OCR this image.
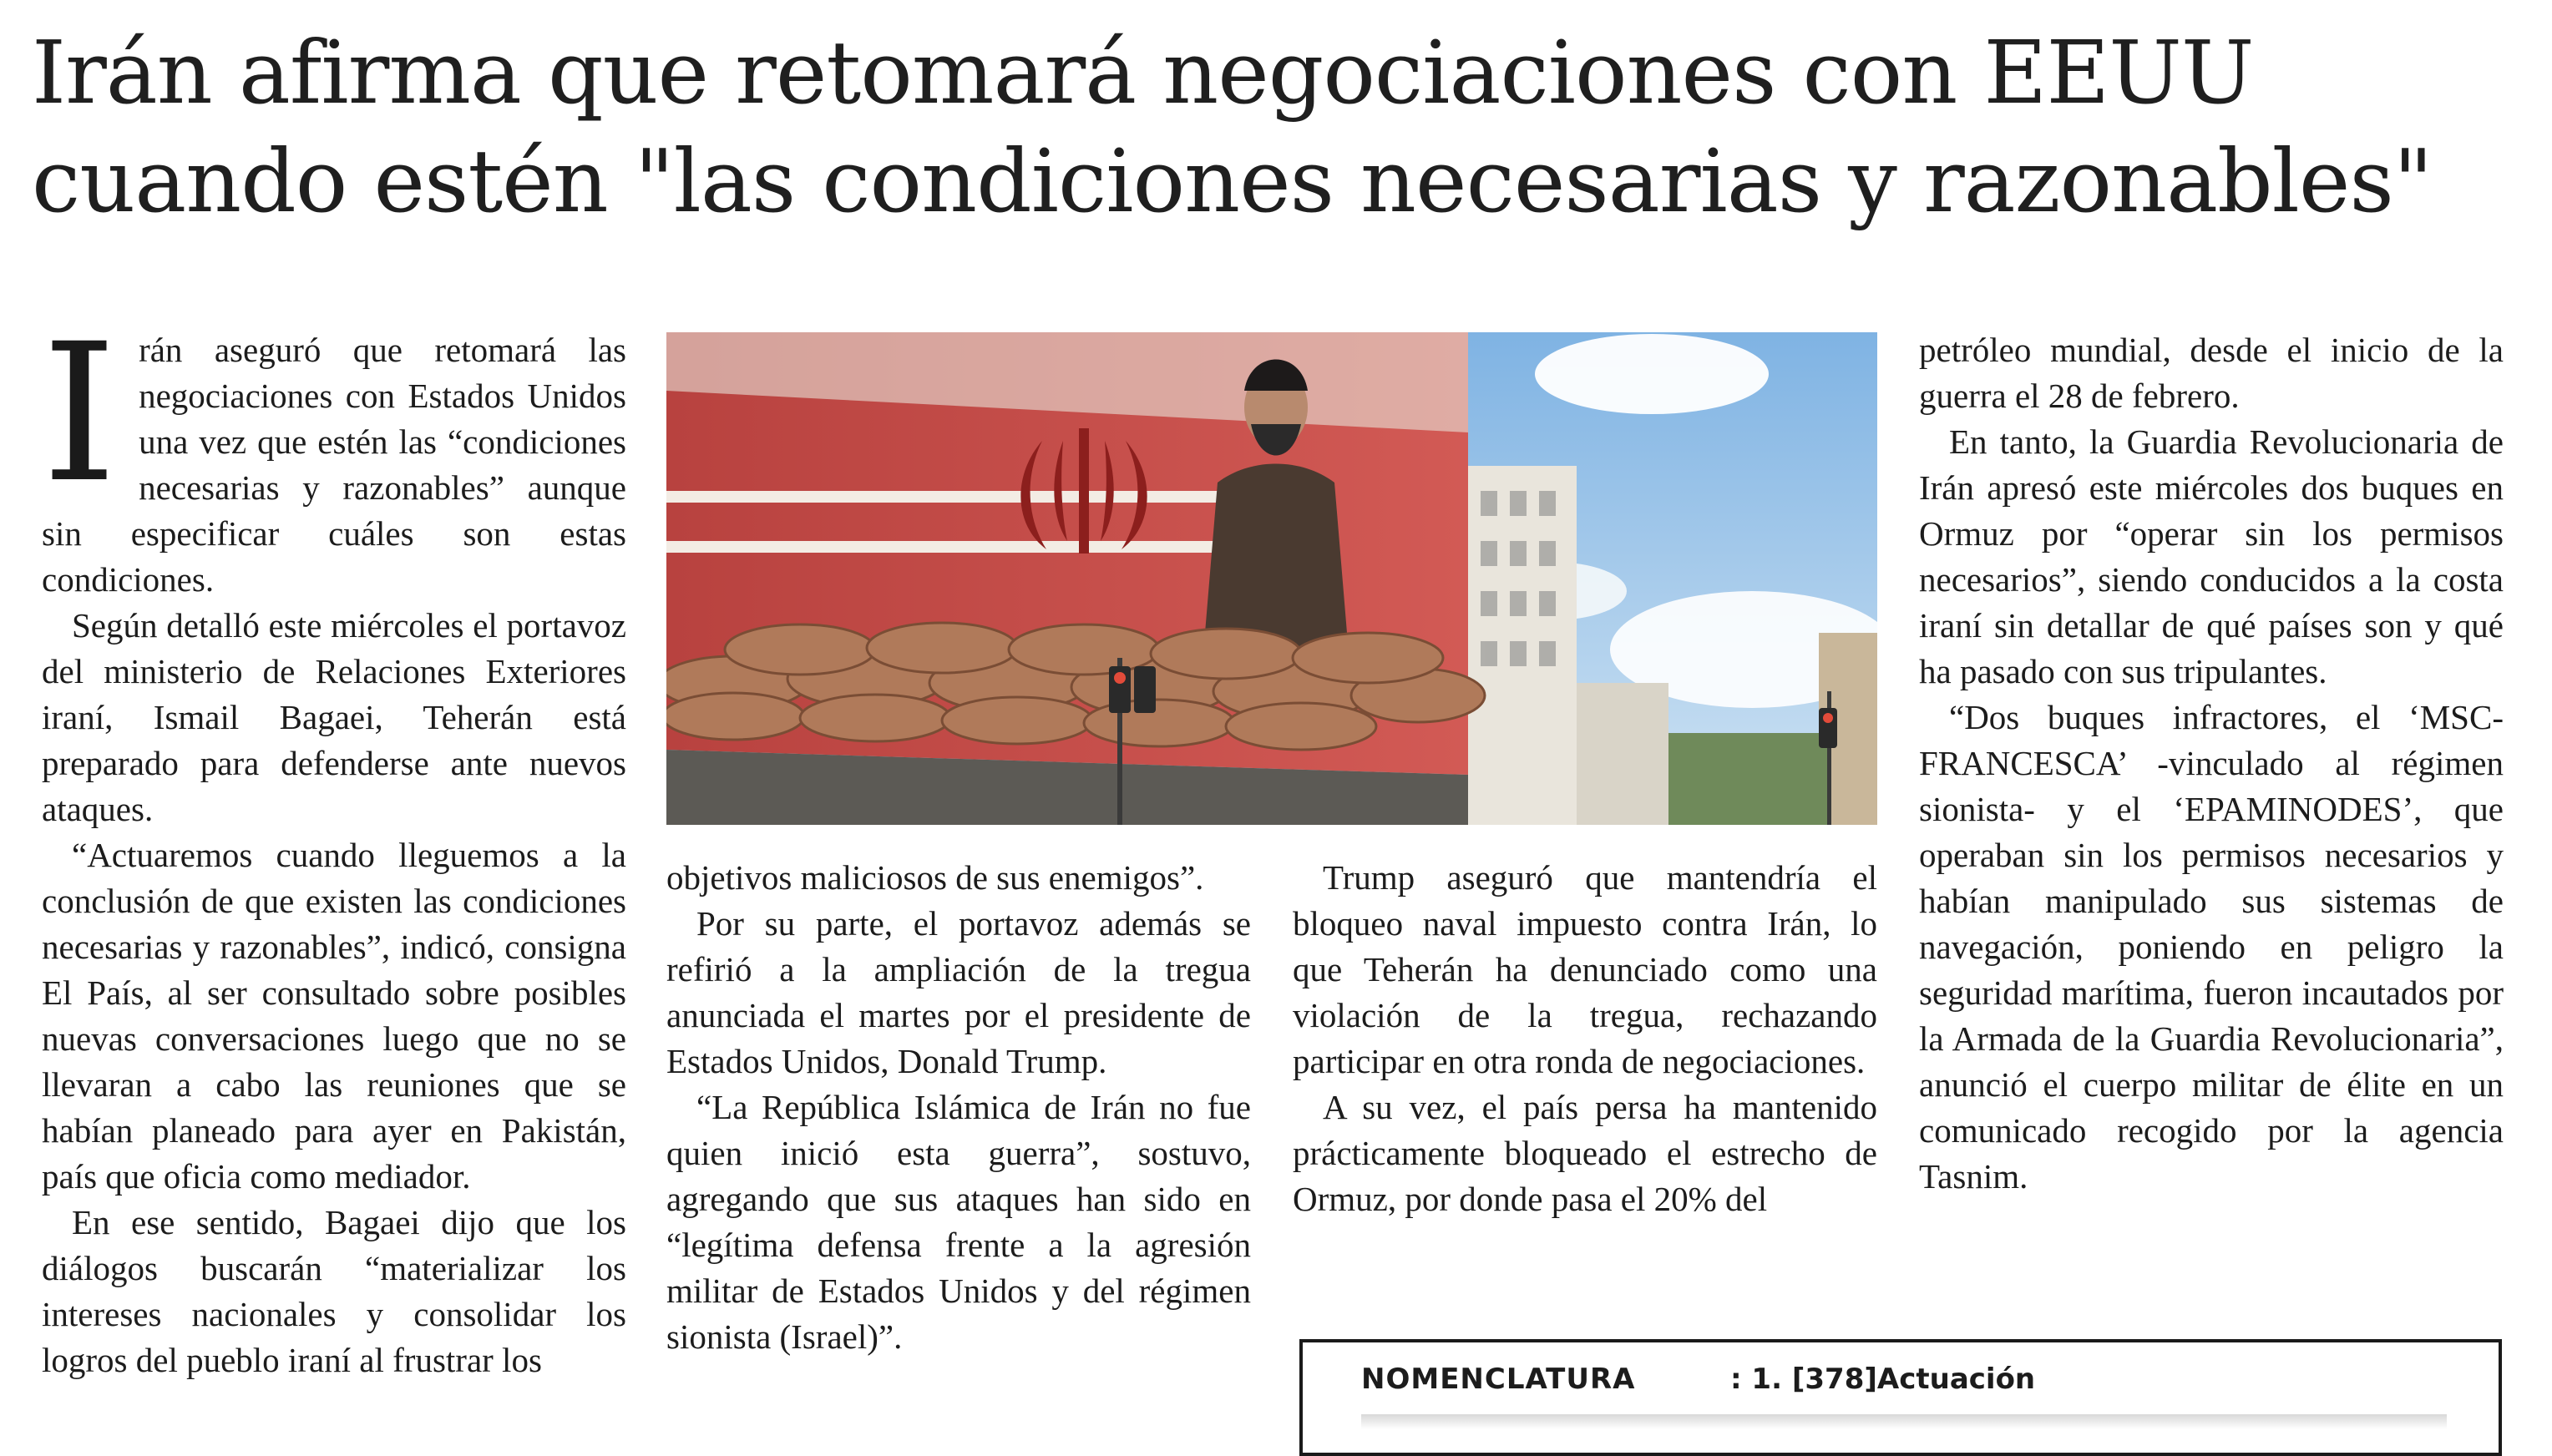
Irán afirma que retomará negociaciones con EEUU
cuando estén "las condiciones necesarias y razonables"
I rán aseguró que retomará las negociaciones con Estados Unidos una vez que estén las “condiciones necesarias y razonables” aunque sin especificar cuáles son estas condiciones.

Según detalló este miércoles el portavoz del ministerio de Relaciones Exteriores iraní, Ismail Bagaei, Teherán está preparado para defenderse ante nuevos ataques.

“Actuaremos cuando lleguemos a la conclusión de que existen las condiciones necesarias y razonables”, indicó, consigna El País, al ser consultado sobre posibles nuevas conversaciones luego que no se llevaran a cabo las reuniones que se habían planeado para ayer en Pakistán, país que oficia como mediador.

En ese sentido, Bagaei dijo que los diálogos buscarán “materializar los intereses nacionales y consolidar los logros del pueblo iraní al frustrar los

objetivos maliciosos de sus enemigos”.

Por su parte, el portavoz además se refirió a la ampliación de la tregua anunciada el martes por el presidente de Estados Unidos, Donald Trump.

“La República Islámica de Irán no fue quien inició esta guerra”, sostuvo, agregando que sus ataques han sido en “legítima defensa frente a la agresión militar de Estados Unidos y del régimen sionista (Israel)”.

Trump aseguró que mantendría el bloqueo naval impuesto contra Irán, lo que Teherán ha denunciado como una violación de la tregua, rechazando participar en otra ronda de negociaciones.

A su vez, el país persa ha mantenido prácticamente bloqueado el estrecho de Ormuz, por donde pasa el 20% del

petróleo mundial, desde el inicio de la guerra el 28 de febrero.

En tanto, la Guardia Revolucionaria de Irán apresó este miércoles dos buques en Ormuz por “operar sin los permisos necesarios”, siendo conducidos a la costa iraní sin detallar de qué países son y qué ha pasado con sus tripulantes.

“Dos buques infractores, el ‘MSC-FRANCESCA’ -vinculado al régimen sionista- y el ‘EPAMINODES’, que operaban sin los permisos necesarios y habían manipulado sus sistemas de navegación, poniendo en peligro la seguridad marítima, fueron incautados por la Armada de la Guardia Revolucionaria”, anunció el cuerpo militar de élite en un comunicado recogido por la agencia Tasnim.

NOMENCLATURA	: 1. [378]Actuación
